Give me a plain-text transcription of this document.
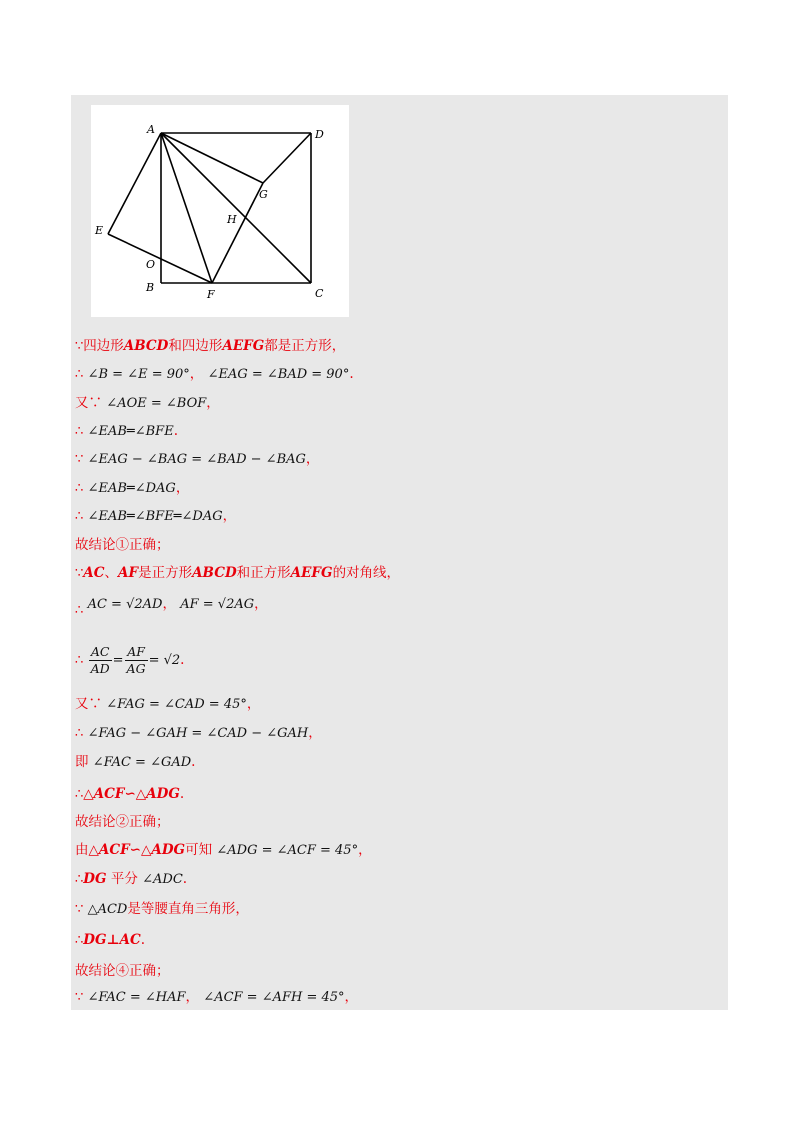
A	D
G
H
E
O
B
F	C
∵四边形ABCD和四边形AEFG都是正方形，
∴ ∠B = ∠E = 90°， ∠EAG = ∠BAD = 90°.
又∵ ∠AOE = ∠BOF，
∴ ∠EAB═∠BFE.
∵ ∠EAG − ∠BAG = ∠BAD − ∠BAG，
∴ ∠EAB═∠DAG，
∴ ∠EAB═∠BFE═∠DAG，
故结论①正确；
∵AC、AF是正方形ABCD和正方形AEFG的对角线，
∴ AC = √2AD， AF = √2AG，
∴ $\frac{AC}{AD} = \frac{AF}{AG} = √2$.
又∵ ∠FAG = ∠CAD = 45°，
∴ ∠FAG − ∠GAH = ∠CAD − ∠GAH，
即 ∠FAC = ∠GAD.
∴△ACF∽△ADG.
故结论②正确；
由△ACF∽△ADG可知 ∠ADG = ∠ACF = 45°，
∴DG 平分 ∠ADC.
∵ △ACD是等腰直角三角形，
∴DG⊥AC.
故结论④正确；
∵ ∠FAC = ∠HAF， ∠ACF = ∠AFH = 45°，
